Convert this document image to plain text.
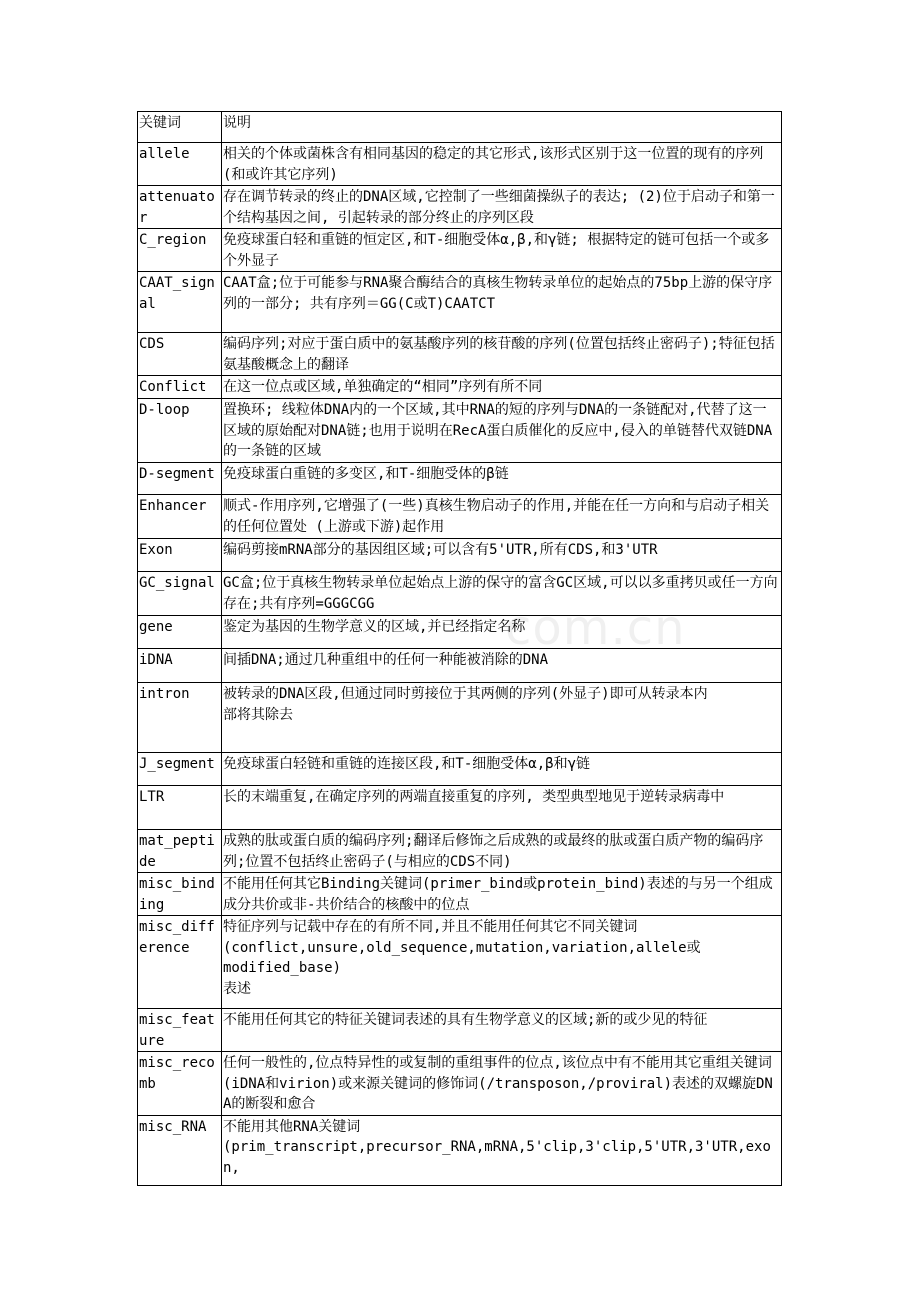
com.cn
关键词	说明
allele	相关的个体或菌株含有相同基因的稳定的其它形式,该形式区别于这一位置的现有的序列(和或许其它序列)
attenuator	存在调节转录的终止的DNA区域,它控制了一些细菌操纵子的表达; (2)位于启动子和第一个结构基因之间, 引起转录的部分终止的序列区段
C_region	免疫球蛋白轻和重链的恒定区,和T-细胞受体α,β,和γ链; 根据特定的链可包括一个或多个外显子
CAAT_signal	CAAT盒;位于可能参与RNA聚合酶结合的真核生物转录单位的起始点的75bp上游的保守序列的一部分; 共有序列＝GG(C或T)CAATCT

CDS	编码序列;对应于蛋白质中的氨基酸序列的核苷酸的序列(位置包括终止密码子);特征包括氨基酸概念上的翻译
Conflict	在这一位点或区域,单独确定的“相同”序列有所不同
D-loop	置换环; 线粒体DNA内的一个区域,其中RNA的短的序列与DNA的一条链配对,代替了这一区域的原始配对DNA链;也用于说明在RecA蛋白质催化的反应中,侵入的单链替代双链DNA的一条链的区域
D-segment	免疫球蛋白重链的多变区,和T-细胞受体的β链
Enhancer	顺式-作用序列,它增强了(一些)真核生物启动子的作用,并能在任一方向和与启动子相关的任何位置处 (上游或下游)起作用
Exon	编码剪接mRNA部分的基因组区域;可以含有5'UTR,所有CDS,和3'UTR
GC_signal	GC盒;位于真核生物转录单位起始点上游的保守的富含GC区域,可以以多重拷贝或任一方向存在;共有序列=GGGCGG
gene	鉴定为基因的生物学意义的区域,并已经指定名称
iDNA	间插DNA;通过几种重组中的任何一种能被消除的DNA
intron	被转录的DNA区段,但通过同时剪接位于其两侧的序列(外显子)即可从转录本内
部将其除去
J_segment	免疫球蛋白轻链和重链的连接区段,和T-细胞受体α,β和γ链
LTR	长的末端重复,在确定序列的两端直接重复的序列, 类型典型地见于逆转录病毒中
mat_peptide	成熟的肽或蛋白质的编码序列;翻译后修饰之后成熟的或最终的肽或蛋白质产物的编码序列;位置不包括终止密码子(与相应的CDS不同)
misc_binding	不能用任何其它Binding关键词(primer_bind或protein_bind)表述的与另一个组成成分共价或非-共价结合的核酸中的位点
misc_difference	特征序列与记载中存在的有所不同,并且不能用任何其它不同关键词
(conflict,unsure,old_sequence,mutation,variation,allele或
modified_base)
表述
misc_feature	不能用任何其它的特征关键词表述的具有生物学意义的区域;新的或少见的特征
misc_recomb	任何一般性的,位点特异性的或复制的重组事件的位点,该位点中有不能用其它重组关键词(iDNA和virion)或来源关键词的修饰词(/transposon,/proviral)表述的双螺旋DNA的断裂和愈合
misc_RNA	不能用其他RNA关键词
(prim_transcript,precursor_RNA,mRNA,5'clip,3'clip,5'UTR,3'UTR,exon,
